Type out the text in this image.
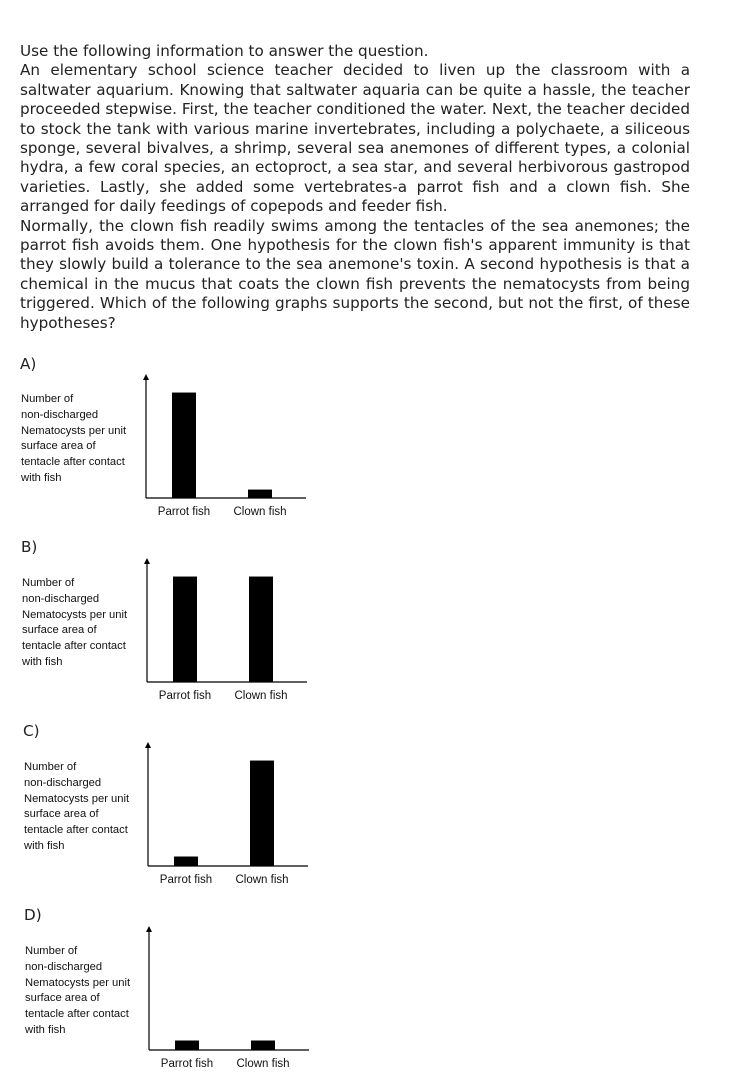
Use the following information to answer the question.

An elementary school science teacher decided to liven up the classroom with a saltwater aquarium. Knowing that saltwater aquaria can be quite a hassle, the teacher proceeded stepwise. First, the teacher conditioned the water. Next, the teacher decided to stock the tank with various marine invertebrates, including a polychaete, a siliceous sponge, several bivalves, a shrimp, several sea anemones of different types, a colonial hydra, a few coral species, an ectoproct, a sea star, and several herbivorous gastropod varieties. Lastly, she added some vertebrates-a parrot fish and a clown fish. She arranged for daily feedings of copepods and feeder fish.

Normally, the clown fish readily swims among the tentacles of the sea anemones; the parrot fish avoids them. One hypothesis for the clown fish's apparent immunity is that they slowly build a tolerance to the sea anemone's toxin. A second hypothesis is that a chemical in the mucus that coats the clown fish prevents the nematocysts from being triggered. Which of the following graphs supports the second, but not the first, of these hypotheses?

A)
Number of
non-discharged
Nematocysts per unit
surface area of
tentacle after contact
with fish
Parrot fish Clown fish
B)
Number of
non-discharged
Nematocysts per unit
surface area of
tentacle after contact
with fish
Parrot fish Clown fish
C)
Number of
non-discharged
Nematocysts per unit
surface area of
tentacle after contact
with fish
Parrot fish Clown fish
D)
Number of
non-discharged
Nematocysts per unit
surface area of
tentacle after contact
with fish
Parrot fish Clown fish
